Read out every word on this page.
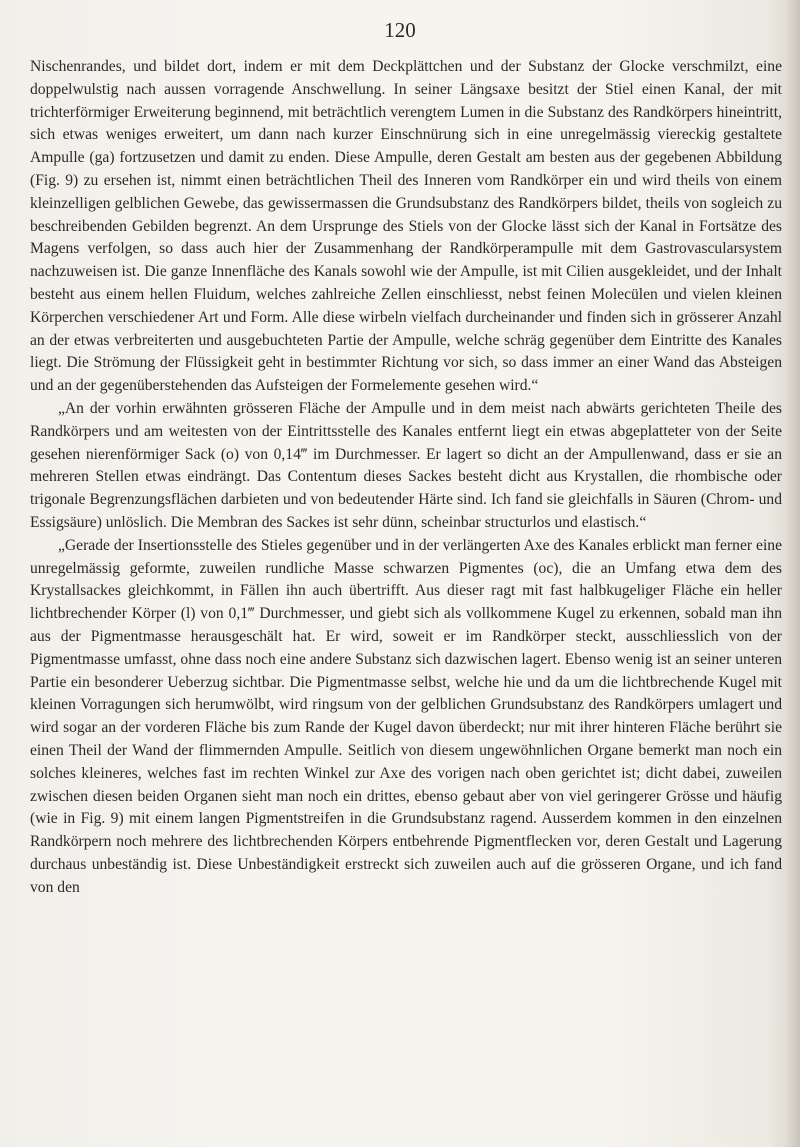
120

Nischenrandes, und bildet dort, indem er mit dem Deckplättchen und der Substanz der Glocke verschmilzt, eine doppelwulstig nach aussen vorragende Anschwellung. In seiner Längsaxe besitzt der Stiel einen Kanal, der mit trichterförmiger Erweiterung beginnend, mit beträchtlich verengtem Lumen in die Substanz des Randkörpers hineintritt, sich etwas weniges erweitert, um dann nach kurzer Einschnürung sich in eine unregelmässig viereckig gestaltete Ampulle (ga) fortzusetzen und damit zu enden. Diese Ampulle, deren Gestalt am besten aus der gegebenen Abbildung (Fig. 9) zu ersehen ist, nimmt einen beträchtlichen Theil des Inneren vom Randkörper ein und wird theils von einem kleinzelligen gelblichen Gewebe, das gewissermassen die Grundsubstanz des Randkörpers bildet, theils von sogleich zu beschreibenden Gebilden begrenzt. An dem Ursprunge des Stiels von der Glocke lässt sich der Kanal in Fortsätze des Magens verfolgen, so dass auch hier der Zusammenhang der Randkörperampulle mit dem Gastrovascularsystem nachzuweisen ist. Die ganze Innenfläche des Kanals sowohl wie der Ampulle, ist mit Cilien ausgekleidet, und der Inhalt besteht aus einem hellen Fluidum, welches zahlreiche Zellen einschliesst, nebst feinen Molecülen und vielen kleinen Körperchen verschiedener Art und Form. Alle diese wirbeln vielfach durcheinander und finden sich in grösserer Anzahl an der etwas verbreiterten und ausgebuchteten Partie der Ampulle, welche schräg gegenüber dem Eintritte des Kanales liegt. Die Strömung der Flüssigkeit geht in bestimmter Richtung vor sich, so dass immer an einer Wand das Absteigen und an der gegenüberstehenden das Aufsteigen der Formelemente gesehen wird.“

„An der vorhin erwähnten grösseren Fläche der Ampulle und in dem meist nach abwärts gerichteten Theile des Randkörpers und am weitesten von der Eintrittsstelle des Kanales entfernt liegt ein etwas abgeplatteter von der Seite gesehen nierenförmiger Sack (o) von 0,14‴ im Durchmesser. Er lagert so dicht an der Ampullenwand, dass er sie an mehreren Stellen etwas eindrängt. Das Contentum dieses Sackes besteht dicht aus Krystallen, die rhombische oder trigonale Begrenzungsflächen darbieten und von bedeutender Härte sind. Ich fand sie gleichfalls in Säuren (Chrom- und Essigsäure) unlöslich. Die Membran des Sackes ist sehr dünn, scheinbar structurlos und elastisch.“

„Gerade der Insertionsstelle des Stieles gegenüber und in der verlängerten Axe des Kanales erblickt man ferner eine unregelmässig geformte, zuweilen rundliche Masse schwarzen Pigmentes (oc), die an Umfang etwa dem des Krystallsackes gleichkommt, in Fällen ihn auch übertrifft. Aus dieser ragt mit fast halbkugeliger Fläche ein heller lichtbrechender Körper (l) von 0,1‴ Durchmesser, und giebt sich als vollkommene Kugel zu erkennen, sobald man ihn aus der Pigmentmasse herausgeschält hat. Er wird, soweit er im Randkörper steckt, ausschliesslich von der Pigmentmasse umfasst, ohne dass noch eine andere Substanz sich dazwischen lagert. Ebenso wenig ist an seiner unteren Partie ein besonderer Ueberzug sichtbar. Die Pigmentmasse selbst, welche hie und da um die lichtbrechende Kugel mit kleinen Vorragungen sich herumwölbt, wird ringsum von der gelblichen Grundsubstanz des Randkörpers umlagert und wird sogar an der vorderen Fläche bis zum Rande der Kugel davon überdeckt; nur mit ihrer hinteren Fläche berührt sie einen Theil der Wand der flimmernden Ampulle. Seitlich von diesem ungewöhnlichen Organe bemerkt man noch ein solches kleineres, welches fast im rechten Winkel zur Axe des vorigen nach oben gerichtet ist; dicht dabei, zuweilen zwischen diesen beiden Organen sieht man noch ein drittes, ebenso gebaut aber von viel geringerer Grösse und häufig (wie in Fig. 9) mit einem langen Pigmentstreifen in die Grundsubstanz ragend. Ausserdem kommen in den einzelnen Randkörpern noch mehrere des lichtbrechenden Körpers entbehrende Pigmentflecken vor, deren Gestalt und Lagerung durchaus unbeständig ist. Diese Unbeständigkeit erstreckt sich zuweilen auch auf die grösseren Organe, und ich fand von den
